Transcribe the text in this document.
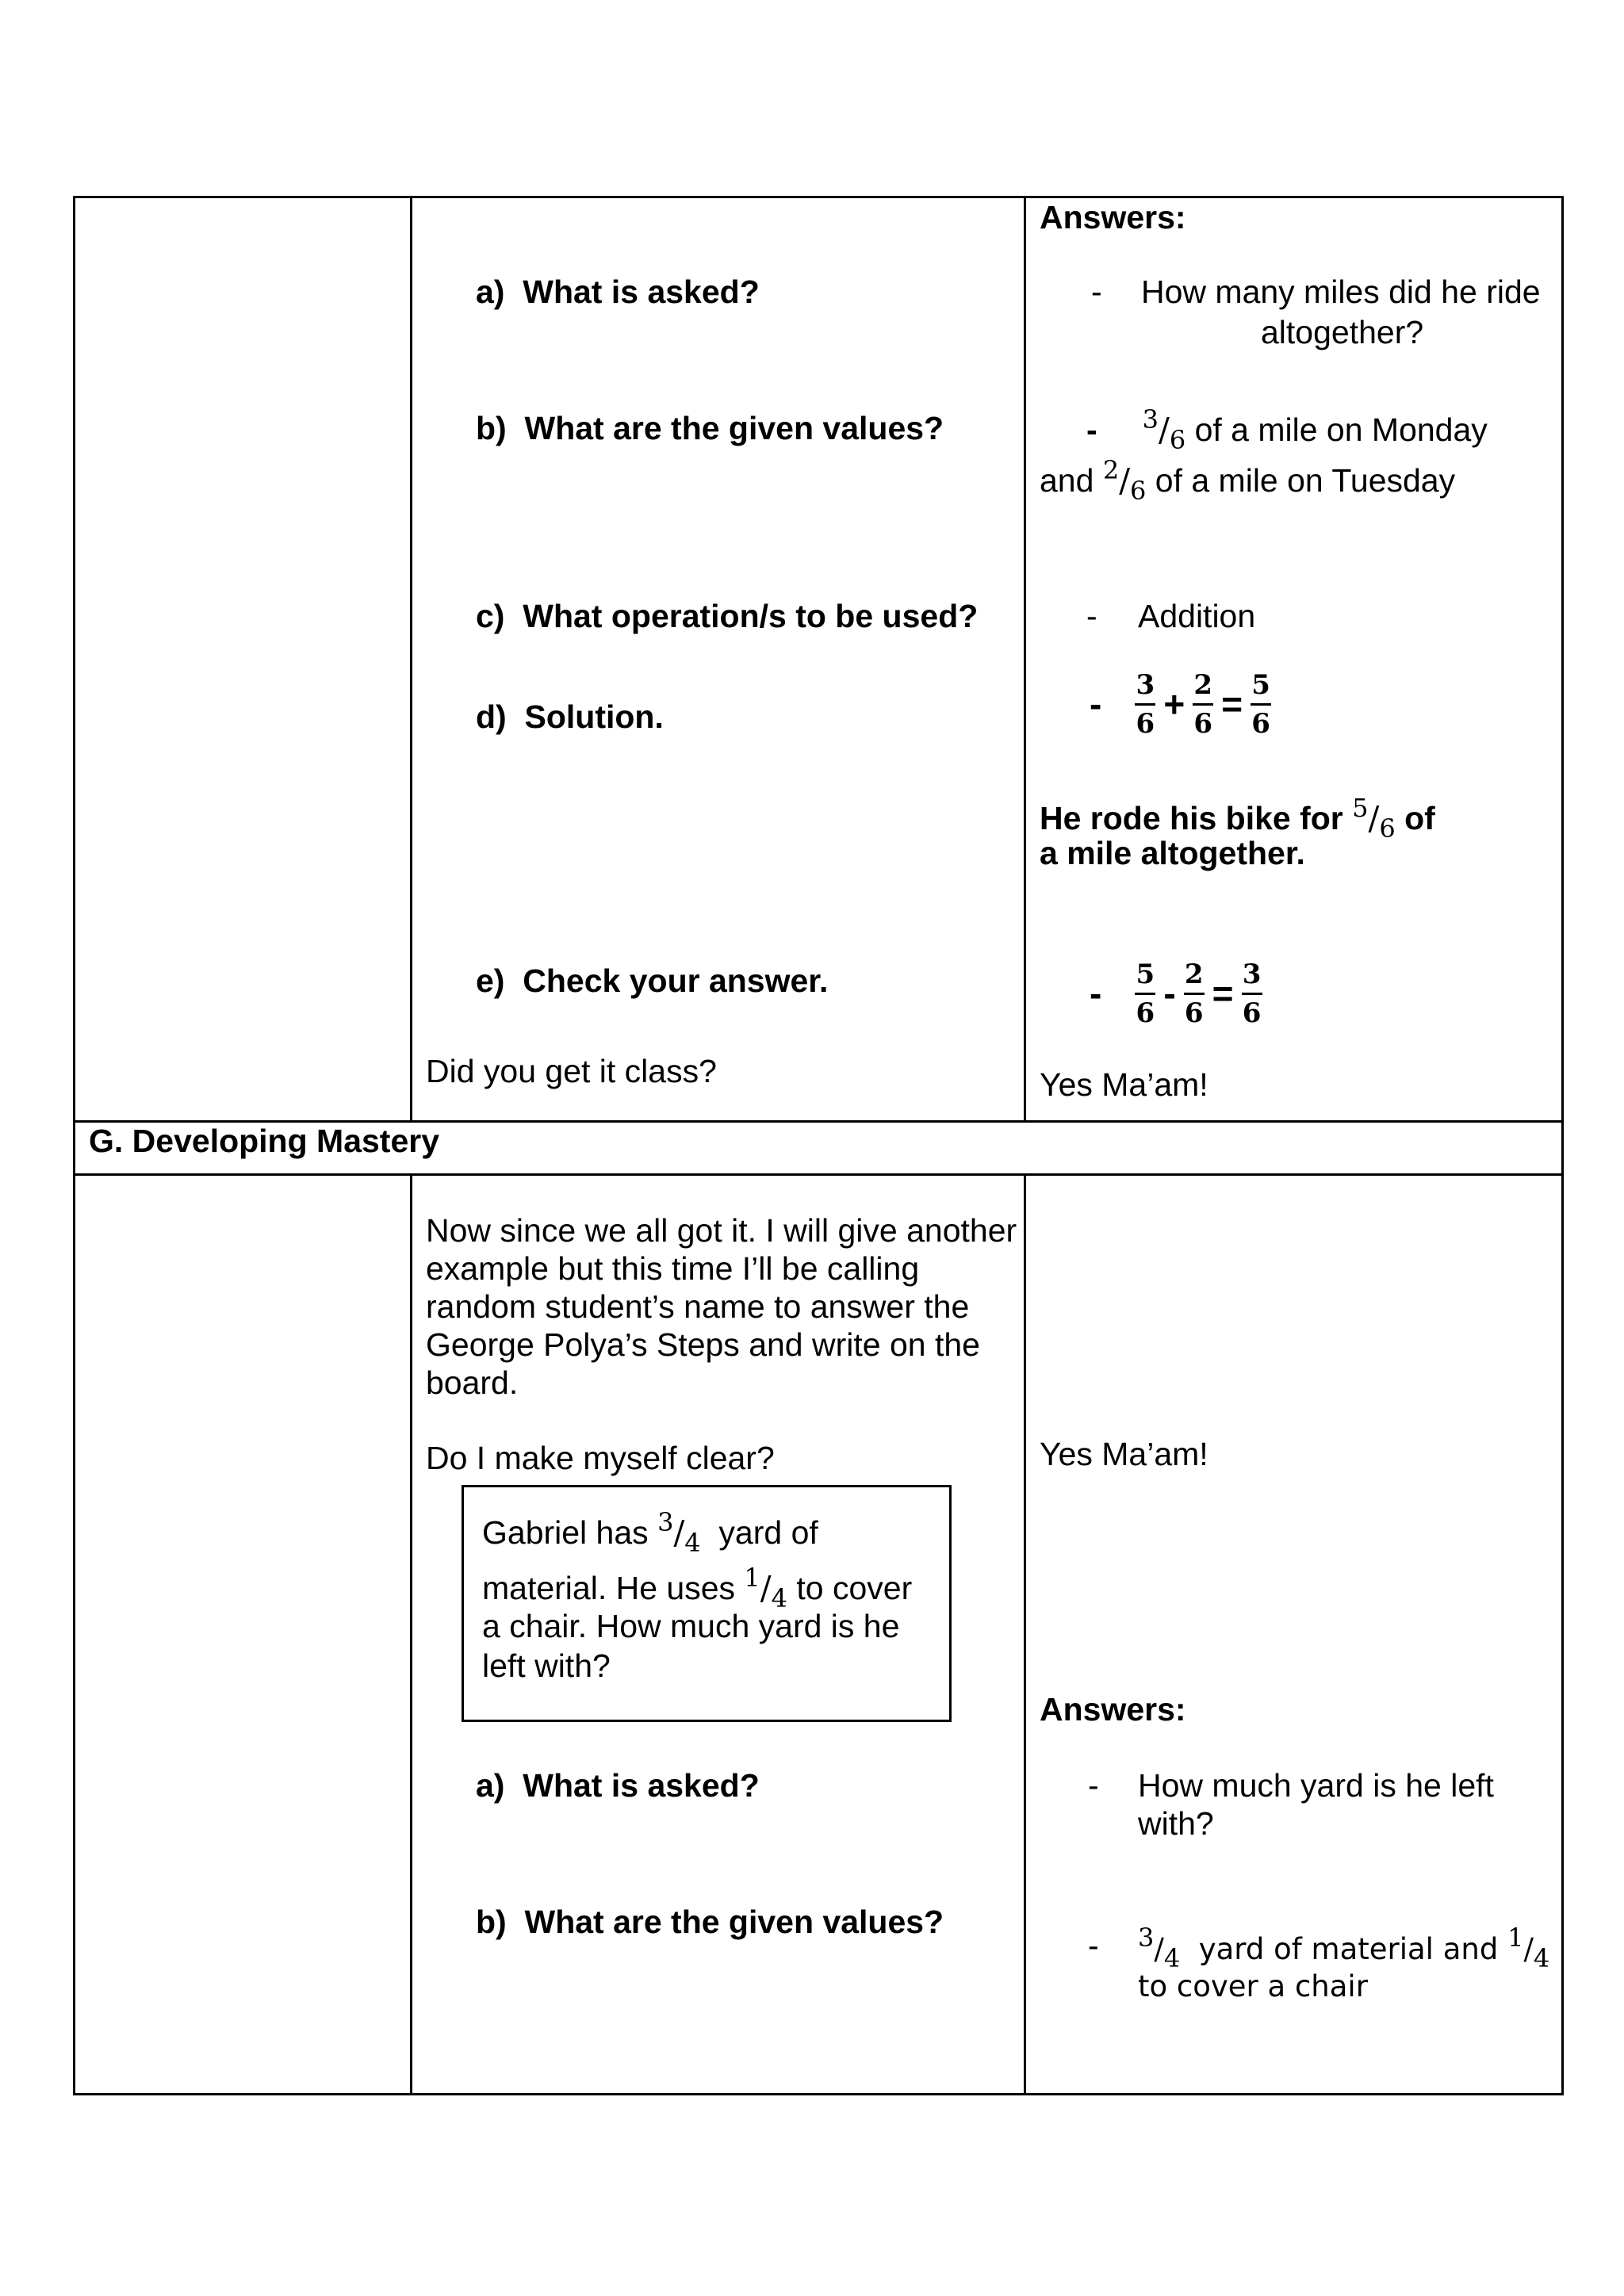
a) What is asked?
b) What are the given values?
c) What operation/s to be used?
d) Solution.
e) Check your answer.
Did you get it class?
Answers:
- How many miles did he ride
altogether?
- $^3/_6$ of a mile on Monday
and $^2/_6$ of a mile on Tuesday
- Addition
- 3
6 + 2
6 = 5
6
He rode his bike for $^5/_6$ of
a mile altogether.
- 5
6 - 2
6 = 3
6
Yes Ma’am!
G. Developing Mastery
Now since we all got it. I will give another
example but this time I’ll be calling
random student’s name to answer the
George Polya’s Steps and write on the
board.
Do I make myself clear?
Gabriel has $^3/_4$ yard of
material. He uses $^1/_4$ to cover
a chair. How much yard is he
left with?
a) What is asked?
b) What are the given values?
Yes Ma’am!
Answers:
- How much yard is he left
with?
- $^3/_4$ yard of material and $^1/_4$
to cover a chair
